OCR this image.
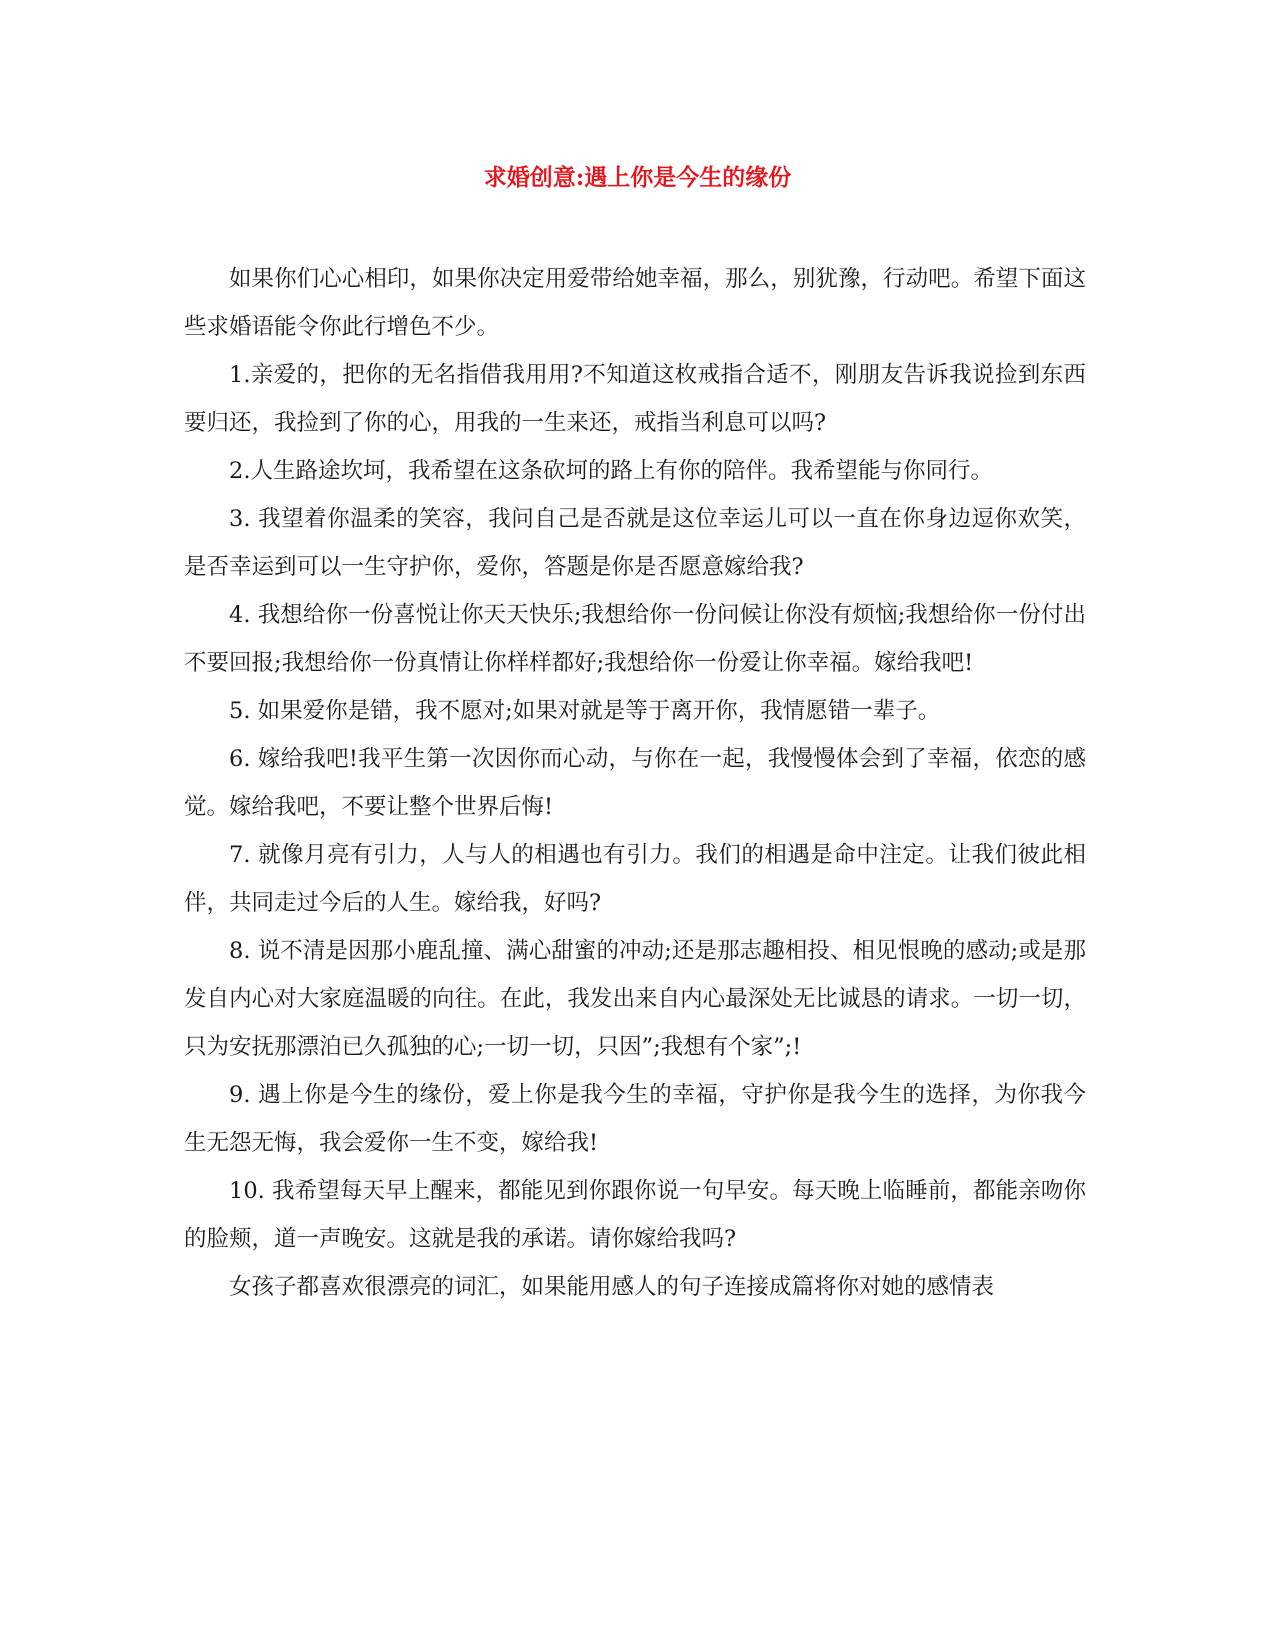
求婚创意:遇上你是今生的缘份

如果你们心心相印，如果你决定用爱带给她幸福，那么，别犹豫，行动吧。希望下面这些求婚语能令你此行增色不少。

1.亲爱的，把你的无名指借我用用?不知道这枚戒指合适不，刚朋友告诉我说捡到东西要归还，我捡到了你的心，用我的一生来还，戒指当利息可以吗?

2.人生路途坎坷，我希望在这条砍坷的路上有你的陪伴。我希望能与你同行。

3. 我望着你温柔的笑容，我问自己是否就是这位幸运儿可以一直在你身边逗你欢笑，是否幸运到可以一生守护你，爱你，答题是你是否愿意嫁给我?

4. 我想给你一份喜悦让你天天快乐;我想给你一份问候让你没有烦恼;我想给你一份付出不要回报;我想给你一份真情让你样样都好;我想给你一份爱让你幸福。嫁给我吧!

5. 如果爱你是错，我不愿对;如果对就是等于离开你，我情愿错一辈子。

6. 嫁给我吧!我平生第一次因你而心动，与你在一起，我慢慢体会到了幸福，依恋的感觉。嫁给我吧，不要让整个世界后悔!

7. 就像月亮有引力，人与人的相遇也有引力。我们的相遇是命中注定。让我们彼此相伴，共同走过今后的人生。嫁给我，好吗?

8. 说不清是因那小鹿乱撞、满心甜蜜的冲动;还是那志趣相投、相见恨晚的感动;或是那发自内心对大家庭温暖的向往。在此，我发出来自内心最深处无比诚恳的请求。一切一切，只为安抚那漂泊已久孤独的心;一切一切，只因”;我想有个家”;!

9. 遇上你是今生的缘份，爱上你是我今生的幸福，守护你是我今生的选择，为你我今生无怨无悔，我会爱你一生不变，嫁给我!

10. 我希望每天早上醒来，都能见到你跟你说一句早安。每天晚上临睡前，都能亲吻你的脸颊，道一声晚安。这就是我的承诺。请你嫁给我吗?

女孩子都喜欢很漂亮的词汇，如果能用感人的句子连接成篇将你对她的感情表
